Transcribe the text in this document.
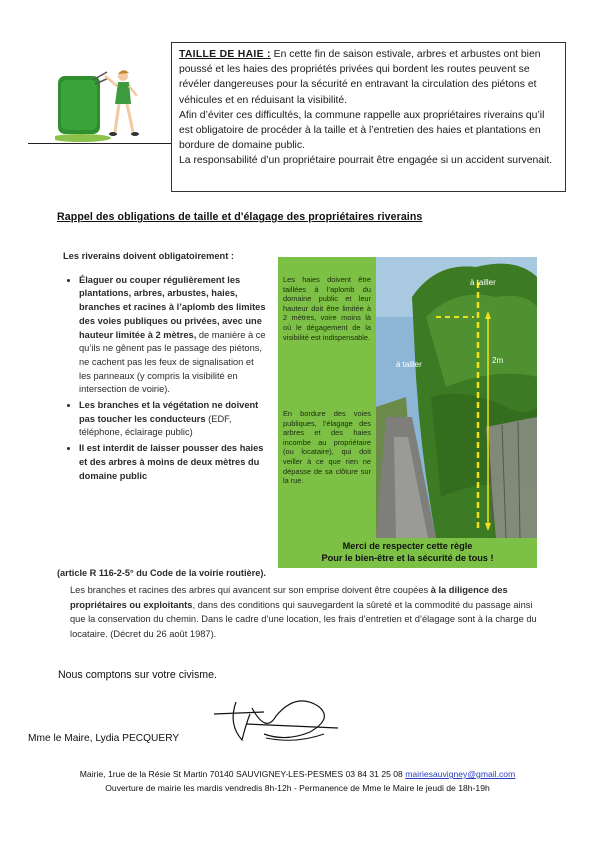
TAILLE DE HAIE : En cette fin de saison estivale, arbres et arbustes ont bien poussé et les haies des propriétés privées qui bordent les routes peuvent se révéler dangereuses pour la sécurité en entravant la circulation des piétons et véhicules et en réduisant la visibilité.

Afin d’éviter ces difficultés, la commune rappelle aux propriétaires riverains qu’il est obligatoire de procéder à la taille et à l’entretien des haies et plantations en bordure de domaine public.

La responsabilité d’un propriétaire pourrait être engagée si un accident survenait.

Rappel des obligations de taille et d'élagage des propriétaires riverains
Les riverains doivent obligatoirement :
• Élaguer ou couper régulièrement les plantations, arbres, arbustes, haies, branches et racines à l’aplomb des limites des voies publiques ou privées, avec une hauteur limitée à 2 mètres, de manière à ce qu’ils ne gênent pas le passage des piétons, ne cachent pas les feux de signalisation et les panneaux (y compris la visibilité en intersection de voirie).
• Les branches et la végétation ne doivent pas toucher les conducteurs (EDF, téléphone, éclairage public)
• Il est interdit de laisser pousser des haies et des arbres à moins de deux mètres du domaine public
Les haies doivent être taillées à l’aplomb du domaine public et leur hauteur doit être limitée à 2 mètres, voire moins là où le dégagement de la visibilité est indispensable.
En bordure des voies publiques, l’élagage des arbres et des haies incombe au propriétaire (ou locataire), qui doit veiller à ce que rien ne dépasse de sa clôture sur la rue.
à tailler
à tailler	2m
Merci de respecter cette règle
Pour le bien-être et la sécurité de tous !
(article R 116-2-5° du Code de la voirie routière).
Les branches et racines des arbres qui avancent sur son emprise doivent être coupées à la diligence des propriétaires ou exploitants, dans des conditions qui sauvegardent la sûreté et la commodité du passage ainsi que la conservation du chemin. Dans le cadre d’une location, les frais d’entretien et d’élagage sont à la charge du locataire. (Décret du 26 août 1987).
Nous comptons sur votre civisme.
Mme le Maire, Lydia PECQUERY
Mairie, 1rue de la Résie St Martin 70140 SAUVIGNEY-LES-PESMES 03 84 31 25 08 mairiesauvigney@gmail.com
Ouverture de mairie les mardis vendredis 8h-12h - Permanence de Mme le Maire le jeudi de 18h-19h
